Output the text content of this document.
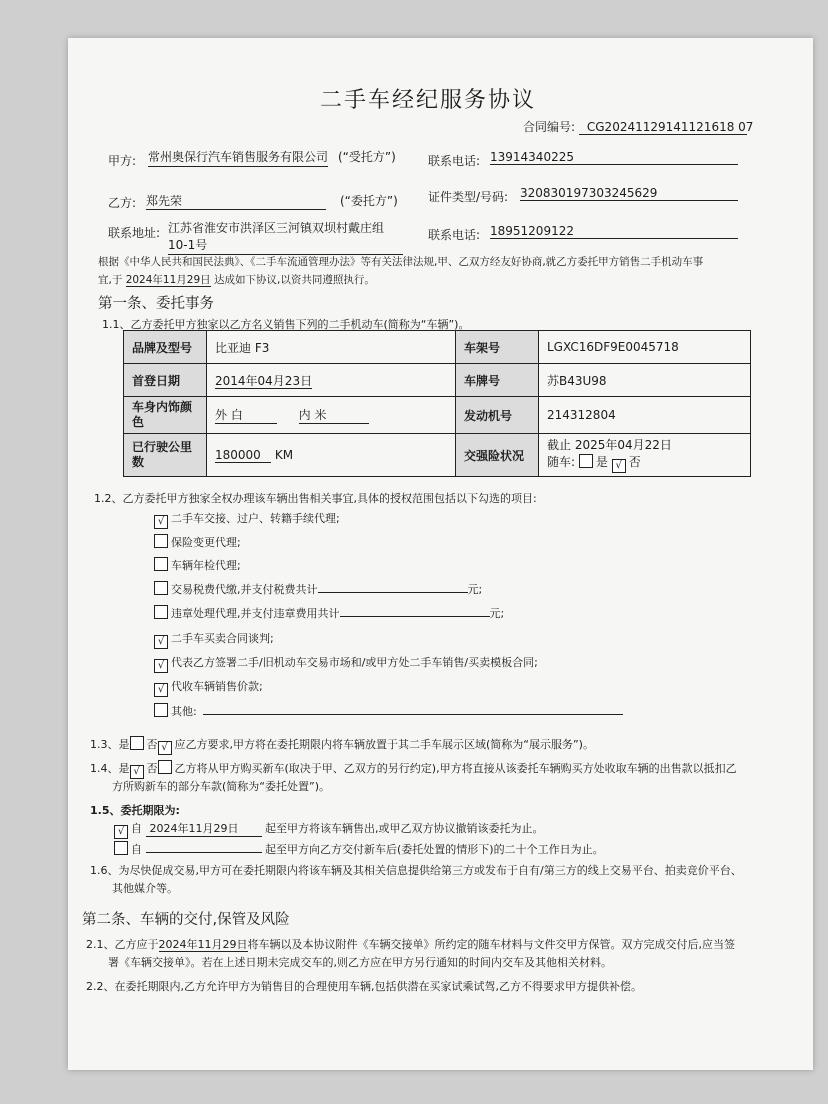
二手车经纪服务协议
合同编号: CG20241129141121618 07
甲方: 常州奥保行汽车销售服务有限公司 (“受托方”)	联系电话: 13914340225
乙方: 郑先荣	(“委托方”)	证件类型/号码: 320830197303245629
联系地址: 江苏省淮安市洪泽区三河镇双坝村戴庄组10-1号
联系电话: 18951209122
根据《中华人民共和国民法典》、《二手车流通管理办法》等有关法律法规,甲、乙双方经友好协商,就乙方委托甲方销售二手机动车事
宜,于 2024年11月29日 达成如下协议,以资共同遵照执行。
第一条、委托事务
1.1、乙方委托甲方独家以乙方名义销售下列的二手机动车(简称为“车辆”)。
品牌及型号	比亚迪 F3	车架号	LGXC16DF9E0045718
首登日期	2014年04月23日	车牌号	苏B43U98
车身内饰颜色	外 白 内 米	发动机号	214312804
已行驶公里数	180000 KM	交强险状况	截止 2025年04月22日
随车: 是 √ 否
1.2、乙方委托甲方独家全权办理该车辆出售相关事宜,具体的授权范围包括以下勾选的项目:
√ 二手车交接、过户、转籍手续代理;
保险变更代理;
车辆年检代理;
交易税费代缴,并支付税费共计	元;
违章处理代理,并支付违章费用共计	元;
√ 二手车买卖合同谈判;
√ 代表乙方签署二手/旧机动车交易市场和/或甲方处二手车销售/买卖模板合同;
√ 代收车辆销售价款;
其他:
1.3、是 否 √ 应乙方要求,甲方将在委托期限内将车辆放置于其二手车展示区域(简称为“展示服务”)。
1.4、是 √ 否 乙方将从甲方购买新车(取决于甲、乙双方的另行约定),甲方将直接从该委托车辆购买方处收取车辆的出售款以抵扣乙
方所购新车的部分车款(简称为“委托处置”)。
1.5、委托期限为:
√ 自 2024年11月29日 起至甲方将该车辆售出,或甲乙双方协议撤销该委托为止。
自	起至甲方向乙方交付新车后(委托处置的情形下)的二十个工作日为止。
1.6、为尽快促成交易,甲方可在委托期限内将该车辆及其相关信息提供给第三方或发布于自有/第三方的线上交易平台、拍卖竞价平台、
其他媒介等。
第二条、车辆的交付,保管及风险
2.1、乙方应于2024年11月29日将车辆以及本协议附件《车辆交接单》所约定的随车材料与文件交甲方保管。双方完成交付后,应当签
署《车辆交接单》。若在上述日期未完成交车的,则乙方应在甲方另行通知的时间内交车及其他相关材料。
2.2、在委托期限内,乙方允许甲方为销售目的合理使用车辆,包括供潜在买家试乘试驾,乙方不得要求甲方提供补偿。
